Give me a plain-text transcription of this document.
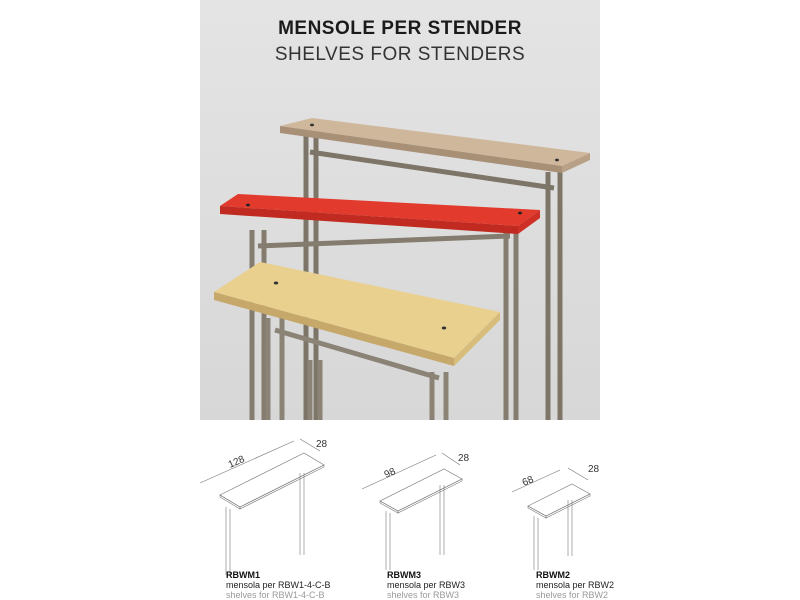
MENSOLE PER STENDER
SHELVES FOR STENDERS
128
28
RBWM1
mensola per RBW1-4-C-B
shelves for RBW1-4-C-B
98
28
RBWM3
mensola per RBW3
shelves for RBW3
68
28
RBWM2
mensola per RBW2
shelves for RBW2
